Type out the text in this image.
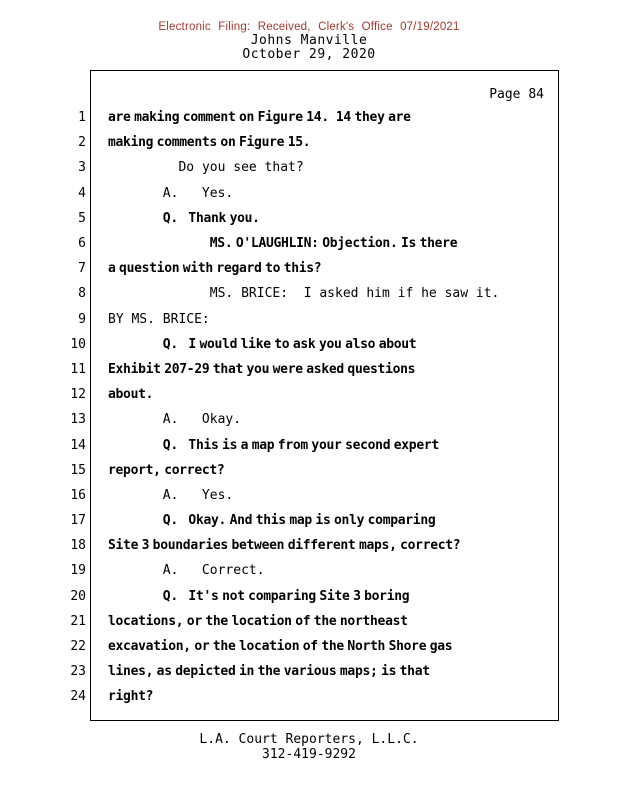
Electronic Filing: Received, Clerk's Office 07/19/2021
Johns Manville
October 29, 2020
Page 84
1 are making comment on Figure 14.  14 they are
2 making comments on Figure 15.
3	Do you see that?
4	A.   Yes.
5	Q.   Thank you.
6	MS. O'LAUGHLIN: Objection. Is there
7 a question with regard to this?
8	MS. BRICE:  I asked him if he saw it.
9 BY MS. BRICE:
10	Q.   I would like to ask you also about
11 Exhibit 207-29 that you were asked questions
12 about.
13	A.   Okay.
14	Q.   This is a map from your second expert
15 report, correct?
16	A.   Yes.
17	Q.   Okay. And this map is only comparing
18 Site 3 boundaries between different maps, correct?
19	A.   Correct.
20	Q.   It's not comparing Site 3 boring
21 locations, or the location of the northeast
22 excavation, or the location of the North Shore gas
23 lines, as depicted in the various maps; is that
24 right?
L.A. Court Reporters, L.L.C.
312-419-9292
